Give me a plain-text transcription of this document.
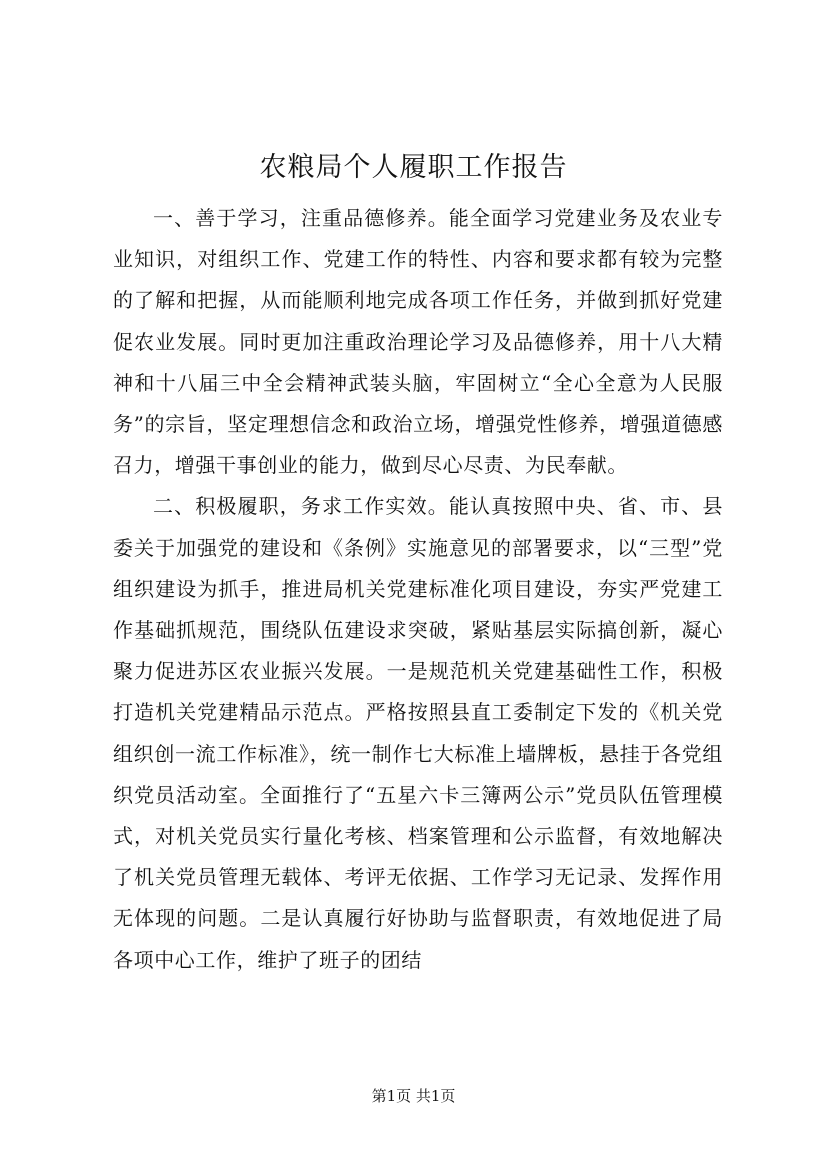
农粮局个人履职工作报告

一、善于学习，注重品德修养。能全面学习党建业务及农业专业知识，对组织工作、党建工作的特性、内容和要求都有较为完整的了解和把握，从而能顺利地完成各项工作任务，并做到抓好党建促农业发展。同时更加注重政治理论学习及品德修养，用十八大精神和十八届三中全会精神武装头脑，牢固树立“全心全意为人民服务”的宗旨，坚定理想信念和政治立场，增强党性修养，增强道德感召力，增强干事创业的能力，做到尽心尽责、为民奉献。

二、积极履职，务求工作实效。能认真按照中央、省、市、县委关于加强党的建设和《条例》实施意见的部署要求，以“三型”党组织建设为抓手，推进局机关党建标准化项目建设，夯实严党建工作基础抓规范，围绕队伍建设求突破，紧贴基层实际搞创新，凝心聚力促进苏区农业振兴发展。一是规范机关党建基础性工作，积极打造机关党建精品示范点。严格按照县直工委制定下发的《机关党组织创一流工作标准》，统一制作七大标准上墙牌板，悬挂于各党组织党员活动室。全面推行了“五星六卡三簿两公示”党员队伍管理模式，对机关党员实行量化考核、档案管理和公示监督，有效地解决了机关党员管理无载体、考评无依据、工作学习无记录、发挥作用无体现的问题。二是认真履行好协助与监督职责，有效地促进了局各项中心工作，维护了班子的团结

第1页 共1页
